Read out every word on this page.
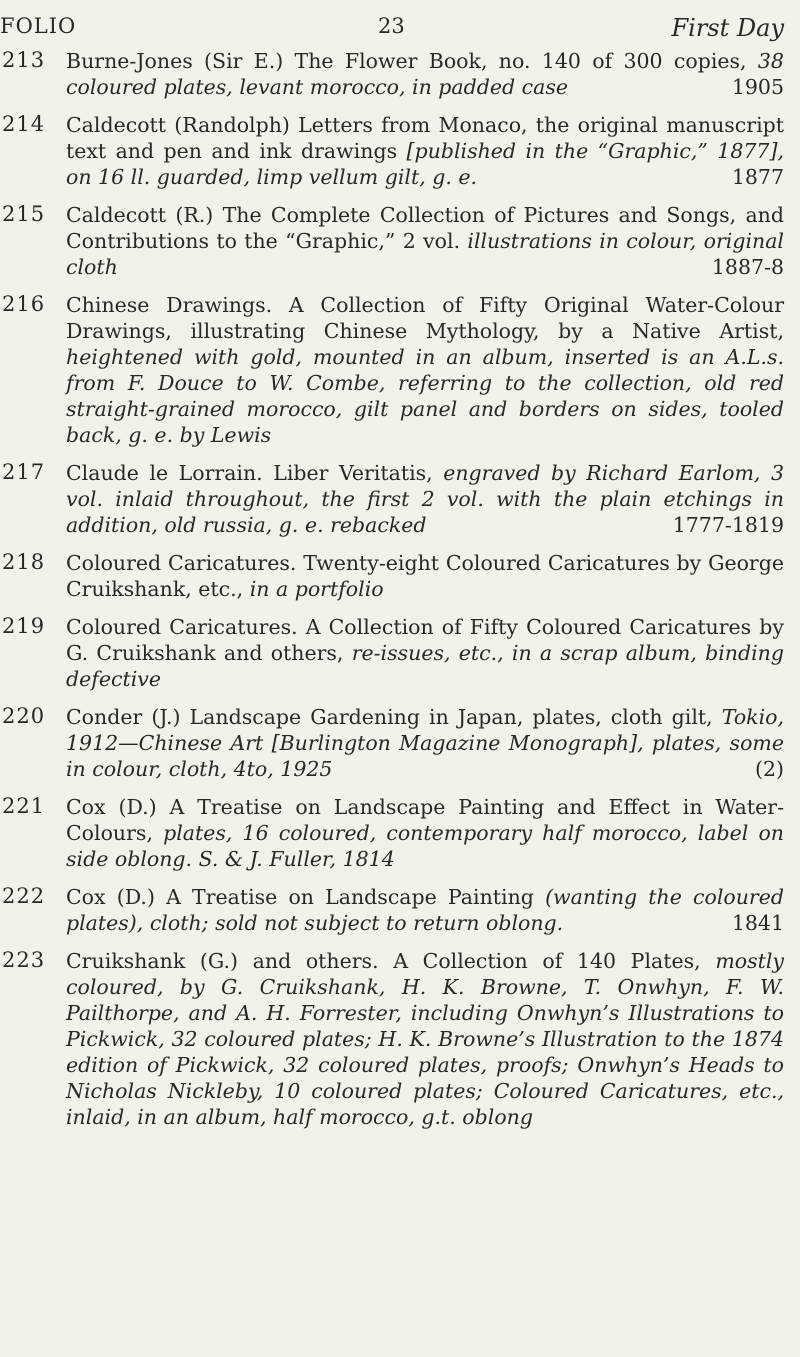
FOLIO	23	First Day
213 Burne-Jones (Sir E.) The Flower Book, no. 140 of 300 copies, 38 coloured plates, levant morocco, in padded case	1905
214 Caldecott (Randolph) Letters from Monaco, the original manuscript text and pen and ink drawings [published in the “Graphic,” 1877], on 16 ll. guarded, limp vellum gilt, g. e.	1877
215 Caldecott (R.) The Complete Collection of Pictures and Songs, and Contributions to the “Graphic,” 2 vol. illustrations in colour, original cloth	1887-8
216 Chinese Drawings. A Collection of Fifty Original Water-Colour Drawings, illustrating Chinese Mythology, by a Native Artist, heightened with gold, mounted in an album, inserted is an A.L.s. from F. Douce to W. Combe, referring to the collection, old red straight-grained morocco, gilt panel and borders on sides, tooled back, g. e. by Lewis
217 Claude le Lorrain. Liber Veritatis, engraved by Richard Earlom, 3 vol. inlaid throughout, the first 2 vol. with the plain etchings in addition, old russia, g. e. rebacked	1777-1819
218 Coloured Caricatures. Twenty-eight Coloured Caricatures by George Cruikshank, etc., in a portfolio
219 Coloured Caricatures. A Collection of Fifty Coloured Caricatures by G. Cruikshank and others, re-issues, etc., in a scrap album, binding defective
220 Conder (J.) Landscape Gardening in Japan, plates, cloth gilt, Tokio, 1912—Chinese Art [Burlington Magazine Monograph], plates, some in colour, cloth, 4to, 1925	(2)
221 Cox (D.) A Treatise on Landscape Painting and Effect in Water-Colours, plates, 16 coloured, contemporary half morocco, label on side oblong. S. & J. Fuller, 1814
222 Cox (D.) A Treatise on Landscape Painting (wanting the coloured plates), cloth; sold not subject to return oblong.	1841
223 Cruikshank (G.) and others. A Collection of 140 Plates, mostly coloured, by G. Cruikshank, H. K. Browne, T. Onwhyn, F. W. Pailthorpe, and A. H. Forrester, including Onwhyn’s Illustrations to Pickwick, 32 coloured plates; H. K. Browne’s Illustration to the 1874 edition of Pickwick, 32 coloured plates, proofs; Onwhyn’s Heads to Nicholas Nickleby, 10 coloured plates; Coloured Caricatures, etc., inlaid, in an album, half morocco, g.t. oblong
